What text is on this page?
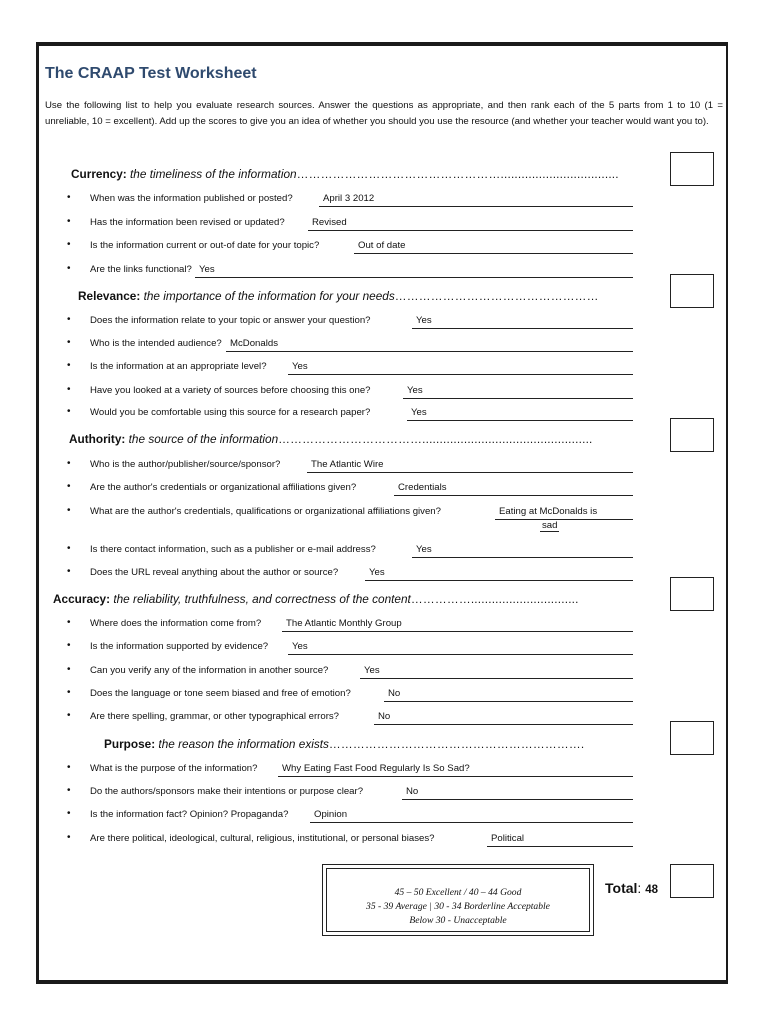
The CRAAP Test Worksheet
Use the following list to help you evaluate research sources. Answer the questions as appropriate, and then rank each of the 5 parts from 1 to 10 (1 = unreliable, 10 = excellent). Add up the scores to give you an idea of whether you should you use the resource (and whether your teacher would want you to).
Currency: the timeliness of the information……………………………………………..................................
• When was the information published or posted?	April 3 2012
• Has the information been revised or updated?	Revised
• Is the information current or out-of date for your topic?	Out of date
• Are the links functional? Yes
Relevance: the importance of the information for your needs……………………………………………
• Does the information relate to your topic or answer your question?	Yes
• Who is the intended audience? McDonalds
• Is the information at an appropriate level?	Yes
• Have you looked at a variety of sources before choosing this one?	Yes
• Would you be comfortable using this source for a research paper?	Yes
Authority: the source of the information……………………………….................................................
• Who is the author/publisher/source/sponsor?	The Atlantic Wire
• Are the author's credentials or organizational affiliations given?	Credentials
• What are the author's credentials, qualifications or organizational affiliations given?	Eating at McDonalds is
sad
• Is there contact information, such as a publisher or e-mail address?	Yes
• Does the URL reveal anything about the author or source?	Yes
Accuracy: the reliability, truthfulness, and correctness of the content……………...............................
• Where does the information come from?	The Atlantic Monthly Group
• Is the information supported by evidence? Yes
• Can you verify any of the information in another source?	Yes
• Does the language or tone seem biased and free of emotion?	No
• Are there spelling, grammar, or other typographical errors?	No
Purpose: the reason the information exists……………………………………………………….
• What is the purpose of the information?	Why Eating Fast Food Regularly Is So Sad?
• Do the authors/sponsors make their intentions or purpose clear?	No
• Is the information fact? Opinion? Propaganda?	Opinion
• Are there political, ideological, cultural, religious, institutional, or personal biases?	Political
45 – 50 Excellent / 40 – 44 Good
35 - 39 Average | 30 - 34 Borderline Acceptable
Below 30 - Unacceptable
Total: 48
